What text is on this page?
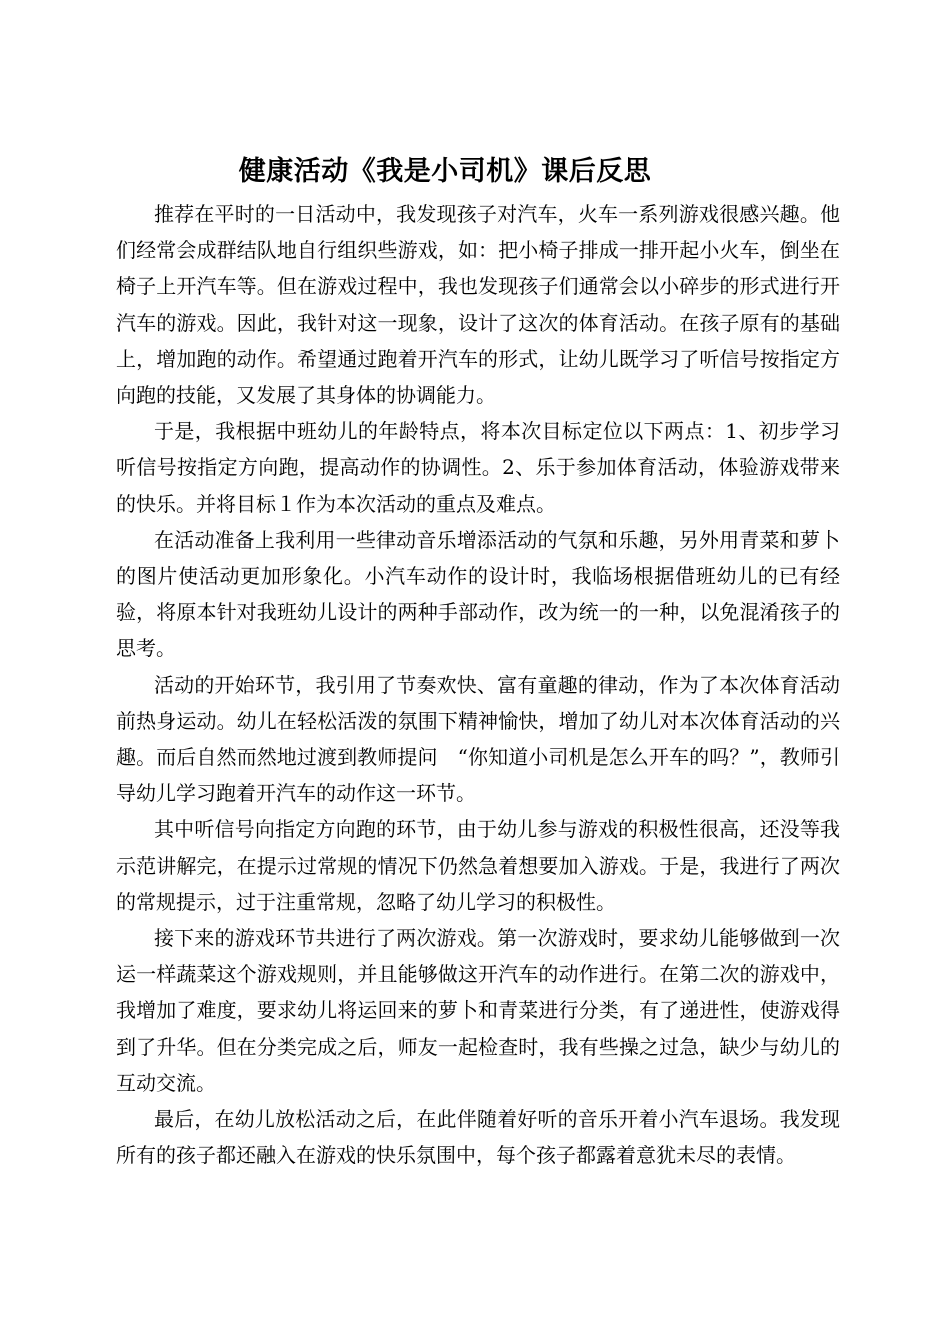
健康活动《我是小司机》课后反思

推荐在平时的一日活动中，我发现孩子对汽车，火车一系列游戏很感兴趣。他们经常会成群结队地自行组织些游戏，如：把小椅子排成一排开起小火车，倒坐在椅子上开汽车等。但在游戏过程中，我也发现孩子们通常会以小碎步的形式进行开汽车的游戏。因此，我针对这一现象，设计了这次的体育活动。在孩子原有的基础上，增加跑的动作。希望通过跑着开汽车的形式，让幼儿既学习了听信号按指定方向跑的技能，又发展了其身体的协调能力。

于是，我根据中班幼儿的年龄特点，将本次目标定位以下两点：1、初步学习听信号按指定方向跑，提高动作的协调性。2、乐于参加体育活动，体验游戏带来的快乐。并将目标１作为本次活动的重点及难点。

在活动准备上我利用一些律动音乐增添活动的气氛和乐趣，另外用青菜和萝卜的图片使活动更加形象化。小汽车动作的设计时，我临场根据借班幼儿的已有经验，将原本针对我班幼儿设计的两种手部动作，改为统一的一种，以免混淆孩子的思考。

活动的开始环节，我引用了节奏欢快、富有童趣的律动，作为了本次体育活动前热身运动。幼儿在轻松活泼的氛围下精神愉快，增加了幼儿对本次体育活动的兴趣。而后自然而然地过渡到教师提问　“你知道小司机是怎么开车的吗？”，教师引导幼儿学习跑着开汽车的动作这一环节。

其中听信号向指定方向跑的环节，由于幼儿参与游戏的积极性很高，还没等我示范讲解完，在提示过常规的情况下仍然急着想要加入游戏。于是，我进行了两次的常规提示，过于注重常规，忽略了幼儿学习的积极性。

接下来的游戏环节共进行了两次游戏。第一次游戏时，要求幼儿能够做到一次运一样蔬菜这个游戏规则，并且能够做这开汽车的动作进行。在第二次的游戏中，我增加了难度，要求幼儿将运回来的萝卜和青菜进行分类，有了递进性，使游戏得到了升华。但在分类完成之后，师友一起检查时，我有些操之过急，缺少与幼儿的互动交流。

最后，在幼儿放松活动之后，在此伴随着好听的音乐开着小汽车退场。我发现所有的孩子都还融入在游戏的快乐氛围中，每个孩子都露着意犹未尽的表情。
